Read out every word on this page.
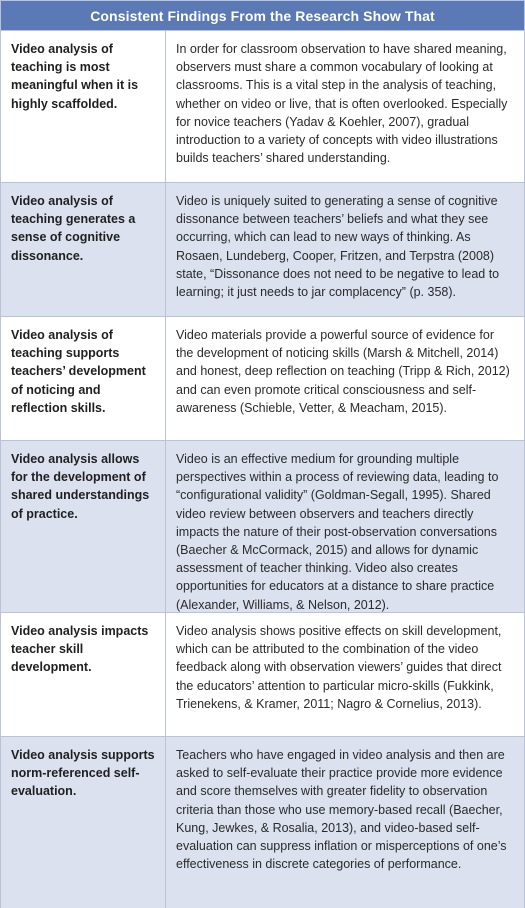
Consistent Findings From the Research Show That
Video analysis of teaching is most meaningful when it is highly scaffolded.
In order for classroom observation to have shared meaning, observers must share a common vocabulary of looking at classrooms. This is a vital step in the analysis of teaching, whether on video or live, that is often overlooked. Especially for novice teachers (Yadav & Koehler, 2007), gradual introduction to a variety of concepts with video illustrations builds teachers’ shared understanding.
Video analysis of teaching generates a sense of cognitive dissonance.
Video is uniquely suited to generating a sense of cognitive dissonance between teachers’ beliefs and what they see occurring, which can lead to new ways of thinking. As Rosaen, Lundeberg, Cooper, Fritzen, and Terpstra (2008) state, “Dissonance does not need to be negative to lead to learning; it just needs to jar complacency” (p. 358).
Video analysis of teaching supports teachers’ development of noticing and reflection skills.
Video materials provide a powerful source of evidence for the development of noticing skills (Marsh & Mitchell, 2014) and honest, deep reflection on teaching (Tripp & Rich, 2012) and can even promote critical consciousness and self-awareness (Schieble, Vetter, & Meacham, 2015).
Video analysis allows for the development of shared understandings of practice.
Video is an effective medium for grounding multiple perspectives within a process of reviewing data, leading to “configurational validity” (Goldman-Segall, 1995). Shared video review between observers and teachers directly impacts the nature of their post-observation conversations (Baecher & McCormack, 2015) and allows for dynamic assessment of teacher thinking. Video also creates opportunities for educators at a distance to share practice (Alexander, Williams, & Nelson, 2012).
Video analysis impacts teacher skill development.
Video analysis shows positive effects on skill development, which can be attributed to the combination of the video feedback along with observation viewers’ guides that direct the educators’ attention to particular micro-skills (Fukkink, Trienekens, & Kramer, 2011; Nagro & Cornelius, 2013).
Video analysis supports norm-referenced self-evaluation.
Teachers who have engaged in video analysis and then are asked to self-evaluate their practice provide more evidence and score themselves with greater fidelity to observation criteria than those who use memory-based recall (Baecher, Kung, Jewkes, & Rosalia, 2013), and video-based self-evaluation can suppress inflation or misperceptions of one’s effectiveness in discrete categories of performance.
